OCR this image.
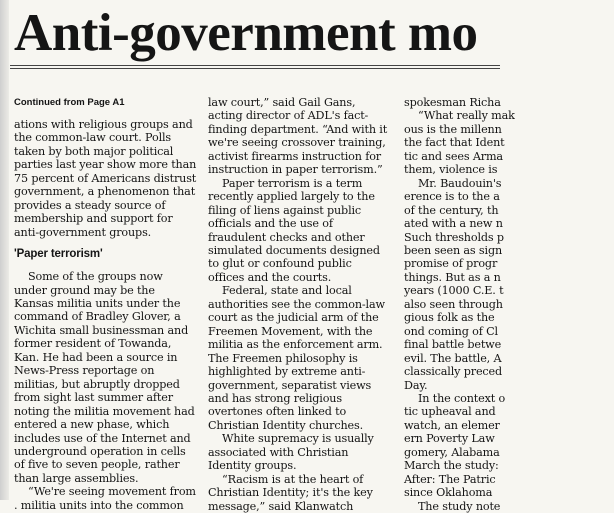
Anti-government mo

Continued from Page A1

ations with religious groups and the common-law court. Polls taken by both major political parties last year show more than 75 percent of Americans distrust government, a phenomenon that provides a steady source of membership and support for anti-government groups.

'Paper terrorism'

Some of the groups now under ground may be the Kansas militia units under the command of Bradley Glover, a Wichita small businessman and former resident of Towanda, Kan. He had been a source in News-Press reportage on militias, but abruptly dropped from sight last summer after noting the militia movement had entered a new phase, which includes use of the Internet and underground operation in cells of five to seven people, rather than large assemblies.

“We're seeing movement from . militia units into the common

law court,” said Gail Gans, acting director of ADL's fact-finding department. “And with it we're seeing crossover training, activist firearms instruction for instruction in paper terrorism.”

Paper terrorism is a term recently applied largely to the filing of liens against public officials and the use of fraudulent checks and other simulated documents designed to glut or confound public offices and the courts.

Federal, state and local authorities see the common-law court as the judicial arm of the Freemen Movement, with the militia as the enforcement arm. The Freemen philosophy is highlighted by extreme anti-government, separatist views and has strong religious overtones often linked to Christian Identity churches.

White supremacy is usually associated with Christian Identity groups.

“Racism is at the heart of Christian Identity; it's the key message,” said Klanwatch

spokesman Richa
“What really mak
ous is the millenn
the fact that Ident
tic and sees Arma
them, violence is
Mr. Baudouin's
erence is to the a
of the century, th
ated with a new n
Such thresholds p
been seen as sign
promise of progr
things. But as a n
years (1000 C.E. t
also seen through
gious folk as the
ond coming of Cl
final battle betwe
evil. The battle, A
classically preced
Day.
In the context o
tic upheaval and
watch, an elemer
ern Poverty Law
gomery, Alabama
March the study:
After: The Patric
since Oklahoma
The study note
